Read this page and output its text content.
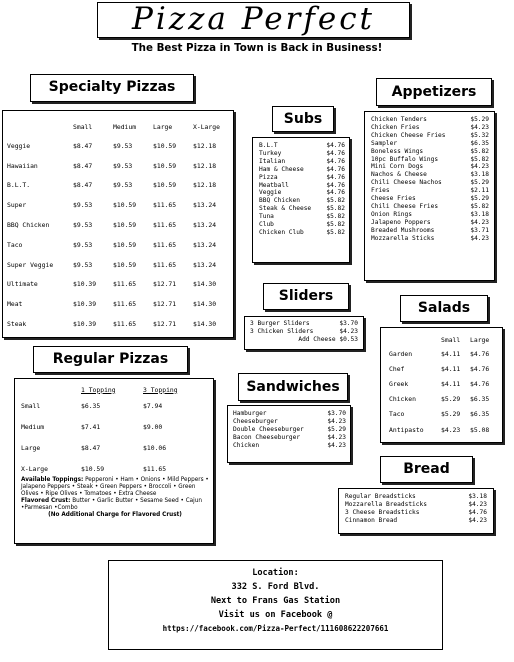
Pizza Perfect
The Best Pizza in Town is Back in Business!
Specialty Pizzas
	Small	Medium	Large	X-Large
Veggie	$8.47	$9.53	$10.59	$12.18
Hawaiian	$8.47	$9.53	$10.59	$12.18
B.L.T.	$8.47	$9.53	$10.59	$12.18
Super	$9.53	$10.59	$11.65	$13.24
BBQ Chicken	$9.53	$10.59	$11.65	$13.24
Taco	$9.53	$10.59	$11.65	$13.24
Super Veggie	$9.53	$10.59	$11.65	$13.24
Ultimate	$10.39	$11.65	$12.71	$14.30
Meat	$10.39	$11.65	$12.71	$14.30
Steak	$10.39	$11.65	$12.71	$14.30
Subs
B.L.T	$4.76
Turkey	$4.76
Italian	$4.76
Ham & Cheese	$4.76
Pizza	$4.76
Meatball	$4.76
Veggie	$4.76
BBQ Chicken	$5.82
Steak & Cheese $5.82
Tuna	$5.82
Club	$5.82
Chicken Club	$5.82
Appetizers
Chicken Tenders	$5.29
Chicken Fries	$4.23
Chicken Cheese Fries	$5.32
Sampler	$6.35
Boneless Wings	$5.82
10pc Buffalo Wings	$5.82
Mini Corn Dogs	$4.23
Nachos & Cheese	$3.18
Chili Cheese Nachos	$5.29
Fries	$2.11
Cheese Fries	$5.29
Chili Cheese Fries	$5.82
Onion Rings	$3.18
Jalapeno Poppers	$4.23
Breaded Mushrooms	$3.71
Mozzarella Sticks	$4.23
Sliders
3 Burger Sliders	$3.70
3 Chicken Sliders	$4.23
Add Cheese $0.53
Salads
	Small	Large
Garden	$4.11	$4.76
Chef	$4.11	$4.76
Greek	$4.11	$4.76
Chicken	$5.29	$6.35
Taco	$5.29	$6.35
Antipasto	$4.23	$5.08
Regular Pizzas
	1 Topping	3 Topping
Small	$6.35	$7.94
Medium	$7.41	$9.00
Large	$8.47	$10.06
X-Large	$10.59	$11.65
Available Toppings: Pepperoni • Ham • Onions • Mild Peppers • Jalapeno Peppers • Steak • Green Peppers • Broccoli • Green Olives • Ripe Olives • Tomatoes • Extra Cheese
Flavored Crust: Butter • Garlic Butter • Sesame Seed • Cajun •Parmesan •Combo
(No Additional Charge for Flavored Crust)
Sandwiches
Hamburger	$3.70
Cheeseburger	$4.23
Double Cheeseburger	$5.29
Bacon Cheeseburger	$4.23
Chicken	$4.23
Bread
Regular Breadsticks	$3.18
Mozzarella Breadsticks	$4.23
3 Cheese Breadsticks	$4.76
Cinnamon Bread	$4.23
Location:
332 S. Ford Blvd.
Next to Frans Gas Station
Visit us on Facebook @
https://facebook.com/Pizza-Perfect/111608622207661
